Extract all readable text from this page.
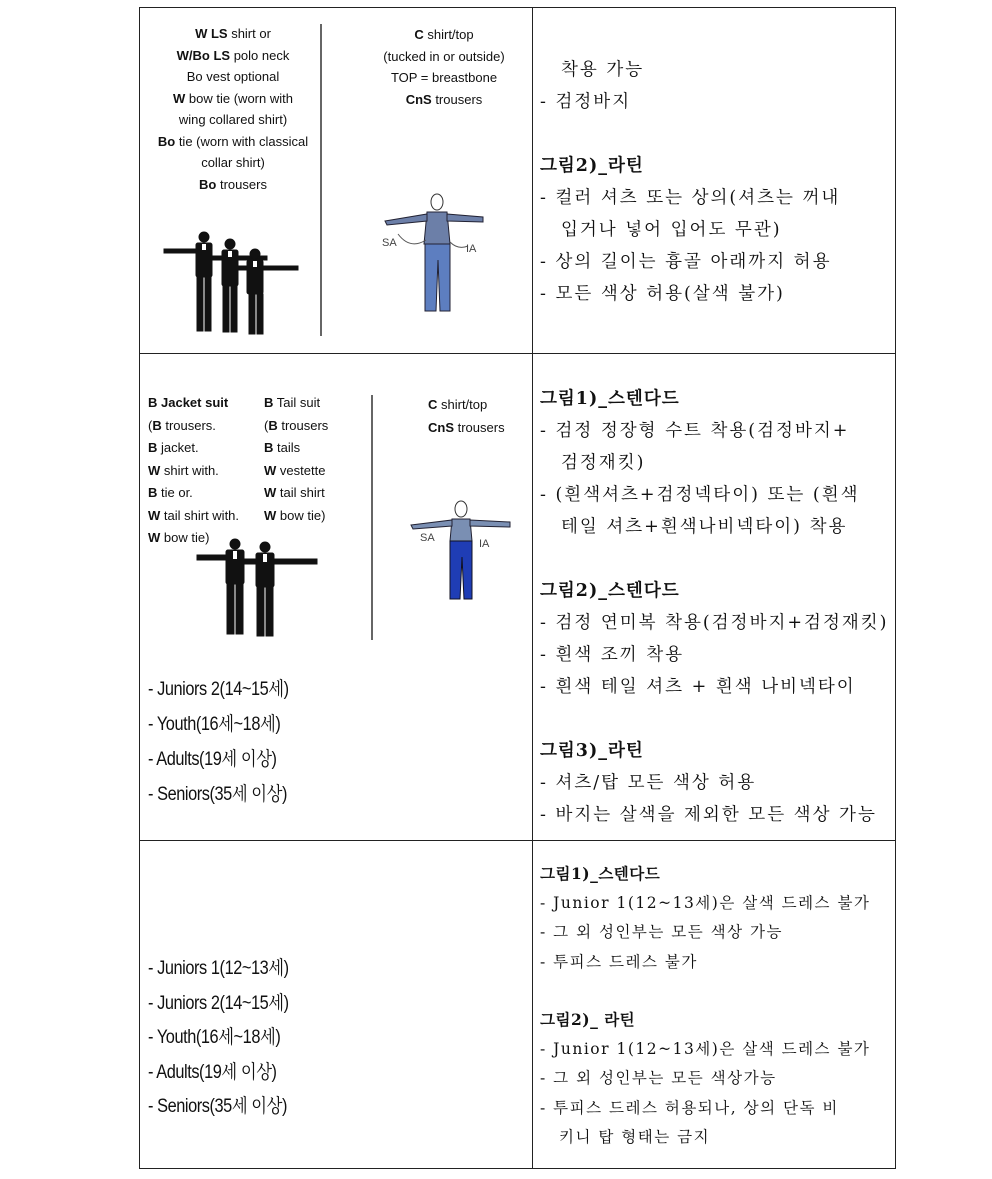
W LS shirt or
W/Bo LS polo neck
Bo vest optional
W bow tie (worn with
wing collared shirt)
Bo tie (worn with classical
collar shirt)
Bo trousers
C shirt/top
(tucked in or outside)
TOP = breastbone
CnS trousers
SA	IA
착용 가능
- 검정바지
그림2)_라틴
- 컬러 셔츠 또는 상의(셔츠는 꺼내
입거나 넣어 입어도 무관)
- 상의 길이는 흉골 아래까지 허용
- 모든 색상 허용(살색 불가)
B Jacket suit
(B trousers.
B jacket.
W shirt with.
B tie or.
W tail shirt with.
W bow tie)
B Tail suit
(B trousers
B tails
W vestette
W tail shirt
W bow tie)
C shirt/top
CnS trousers
SA	IA
- Juniors 2(14~15세)
- Youth(16세~18세)
- Adults(19세 이상)
- Seniors(35세 이상)
그림1)_스텐다드
- 검정 정장형 수트 착용(검정바지+
검정재킷)
- (흰색셔츠+검정넥타이) 또는 (흰색
테일 셔츠+흰색나비넥타이) 착용
그림2)_스텐다드
- 검정 연미복 착용(검정바지+검정재킷)
- 흰색 조끼 착용
- 흰색 테일 셔츠 + 흰색 나비넥타이
그림3)_라틴
- 셔츠/탑 모든 색상 허용
- 바지는 살색을 제외한 모든 색상 가능
- Juniors 1(12~13세)
- Juniors 2(14~15세)
- Youth(16세~18세)
- Adults(19세 이상)
- Seniors(35세 이상)
그림1)_스텐다드
- Junior 1(12~13세)은 살색 드레스 불가
- 그 외 성인부는 모든 색상 가능
- 투피스 드레스 불가
그림2)_ 라틴
- Junior 1(12~13세)은 살색 드레스 불가
- 그 외 성인부는 모든 색상가능
- 투피스 드레스 허용되나, 상의 단독 비
키니 탑 형태는 금지
